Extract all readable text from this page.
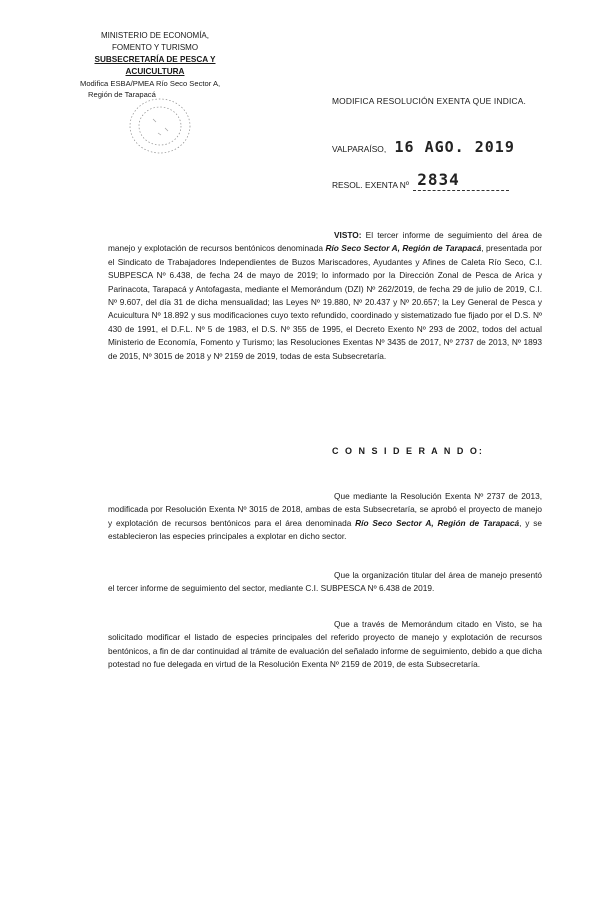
MINISTERIO DE ECONOMÍA,
FOMENTO Y TURISMO
SUBSECRETARÍA DE PESCA Y ACUICULTURA
Modifica ESBA/PMEA Río Seco Sector A,
Región de Tarapacá
MODIFICA RESOLUCIÓN EXENTA QUE INDICA.
VALPARAÍSO, 16 AGO. 2019
RESOL. EXENTA Nº 2834
VISTO: El tercer informe de seguimiento del área de manejo y explotación de recursos bentónicos denominada Río Seco Sector A, Región de Tarapacá, presentada por el Sindicato de Trabajadores Independientes de Buzos Mariscadores, Ayudantes y Afines de Caleta Río Seco, C.I. SUBPESCA Nº 6.438, de fecha 24 de mayo de 2019; lo informado por la Dirección Zonal de Pesca de Arica y Parinacota, Tarapacá y Antofagasta, mediante el Memorándum (DZI) Nº 262/2019, de fecha 29 de julio de 2019, C.I. Nº 9.607, del día 31 de dicha mensualidad; las Leyes Nº 19.880, Nº 20.437 y Nº 20.657; la Ley General de Pesca y Acuicultura Nº 18.892 y sus modificaciones cuyo texto refundido, coordinado y sistematizado fue fijado por el D.S. Nº 430 de 1991, el D.F.L. Nº 5 de 1983, el D.S. Nº 355 de 1995, el Decreto Exento Nº 293 de 2002, todos del actual Ministerio de Economía, Fomento y Turismo; las Resoluciones Exentas Nº 3435 de 2017, Nº 2737 de 2013, Nº 1893 de 2015, Nº 3015 de 2018 y Nº 2159 de 2019, todas de esta Subsecretaría.
C O N S I D E R A N D O:
Que mediante la Resolución Exenta Nº 2737 de 2013, modificada por Resolución Exenta Nº 3015 de 2018, ambas de esta Subsecretaría, se aprobó el proyecto de manejo y explotación de recursos bentónicos para el área denominada Río Seco Sector A, Región de Tarapacá, y se establecieron las especies principales a explotar en dicho sector.
Que la organización titular del área de manejo presentó el tercer informe de seguimiento del sector, mediante C.I. SUBPESCA Nº 6.438 de 2019.
Que a través de Memorándum citado en Visto, se ha solicitado modificar el listado de especies principales del referido proyecto de manejo y explotación de recursos bentónicos, a fin de dar continuidad al trámite de evaluación del señalado informe de seguimiento, debido a que dicha potestad no fue delegada en virtud de la Resolución Exenta Nº 2159 de 2019, de esta Subsecretaría.
